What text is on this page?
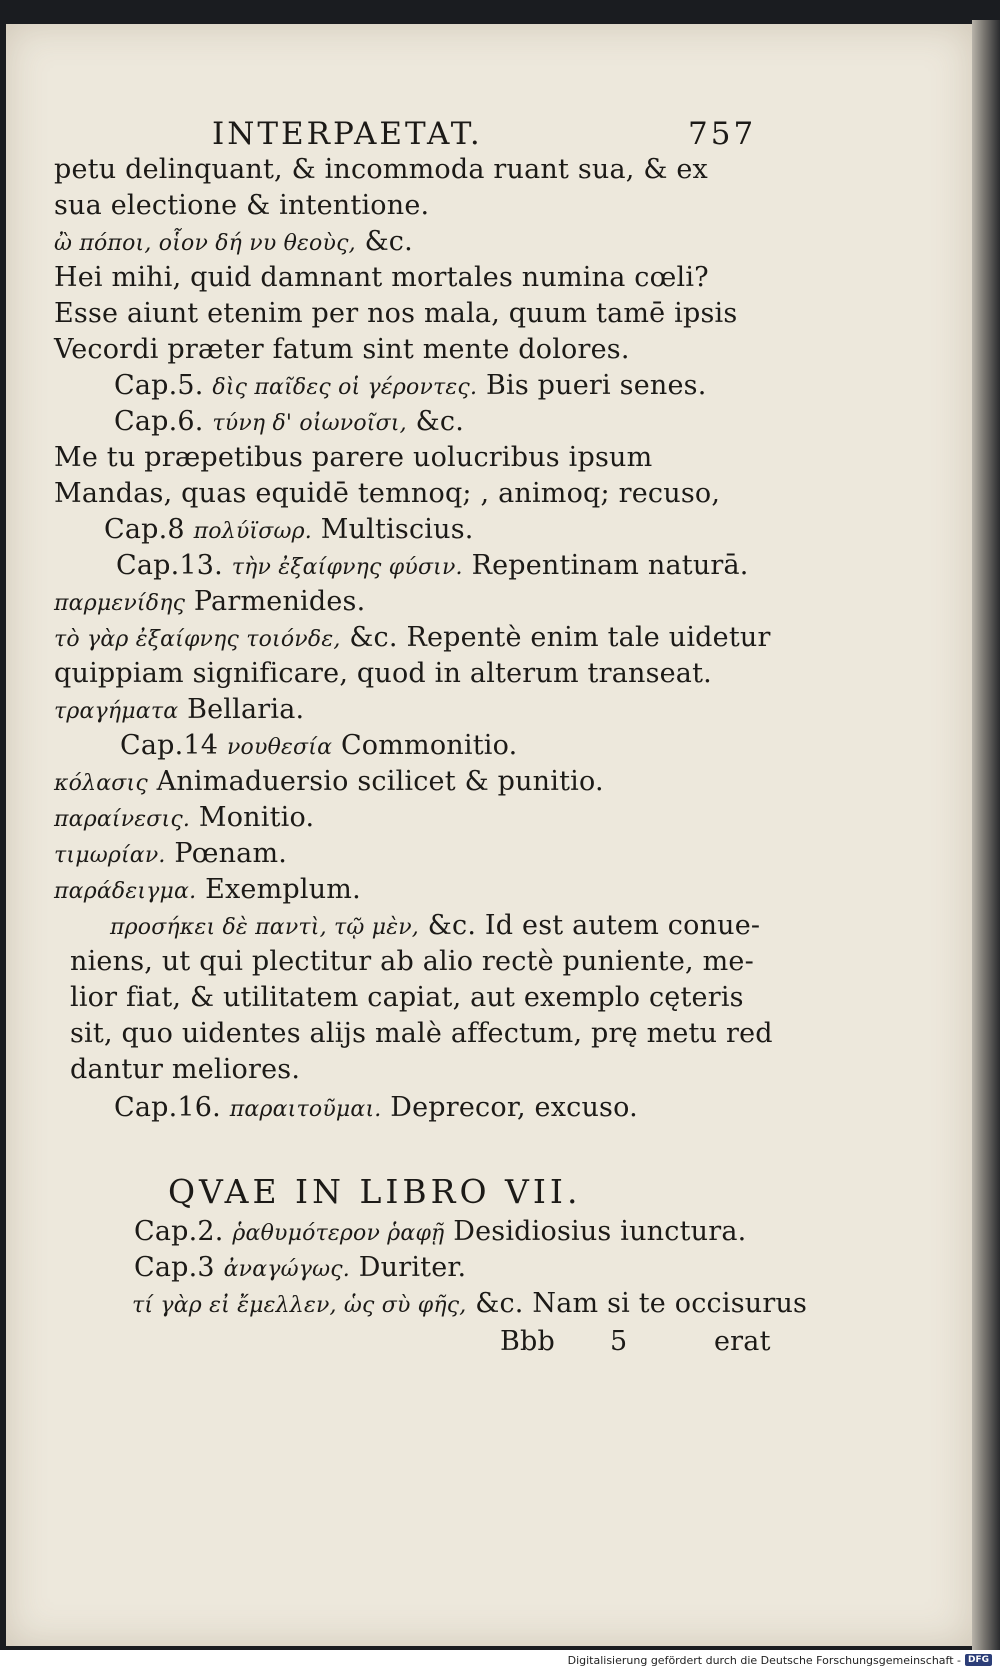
INTERPAETAT.	757
petu delinquant, & incommoda ruant sua, & ex
sua electione & intentione.
ὢ πόποι, οἷον δή νυ θεοὺς, &c.
Hei mihi, quid damnant mortales numina cœli?
Esse aiunt etenim per nos mala, quum tamē ipsis
Vecordi præter fatum sint mente dolores.
Cap.5. δὶς παῖδες οἱ γέροντες. Bis pueri senes.
Cap.6. τύνη δ' οἰωνοῖσι, &c.
Me tu præpetibus parere uolucribus ipsum
Mandas, quas equidē temnoq; , animoq; recuso,
Cap.8 πολύϊσωρ. Multiscius.
Cap.13. τὴν ἐξαίφνης φύσιν. Repentinam naturā.
παρμενίδης Parmenides.
τὸ γὰρ ἐξαίφνης τοιόνδε, &c. Repentè enim tale uidetur
quippiam significare, quod in alterum transeat.
τραγήματα Bellaria.
Cap.14 νουθεσία Commonitio.
κόλασις Animaduersio scilicet & punitio.
παραίνεσις. Monitio.
τιμωρίαν. Pœnam.
παράδειγμα. Exemplum.
προσήκει δὲ παντὶ, τῷ μὲν, &c. Id est autem conue-
niens, ut qui plectitur ab alio rectè puniente, me-
lior fiat, & utilitatem capiat, aut exemplo cęteris
sit, quo uidentes alijs malè affectum, prę metu red
dantur meliores.
Cap.16. παραιτοῦμαι. Deprecor, excuso.
QVAE IN LIBRO VII.
Cap.2. ῥαθυμότερον ῥαφῇ Desidiosius iunctura.
Cap.3 ἀναγώγως. Duriter.
τί γὰρ εἰ ἔμελλεν, ὡς σὺ φῆς, &c. Nam si te occisurus
Bbb 5	erat
Digitalisierung gefördert durch die Deutsche Forschungsgemeinschaft - DFG
